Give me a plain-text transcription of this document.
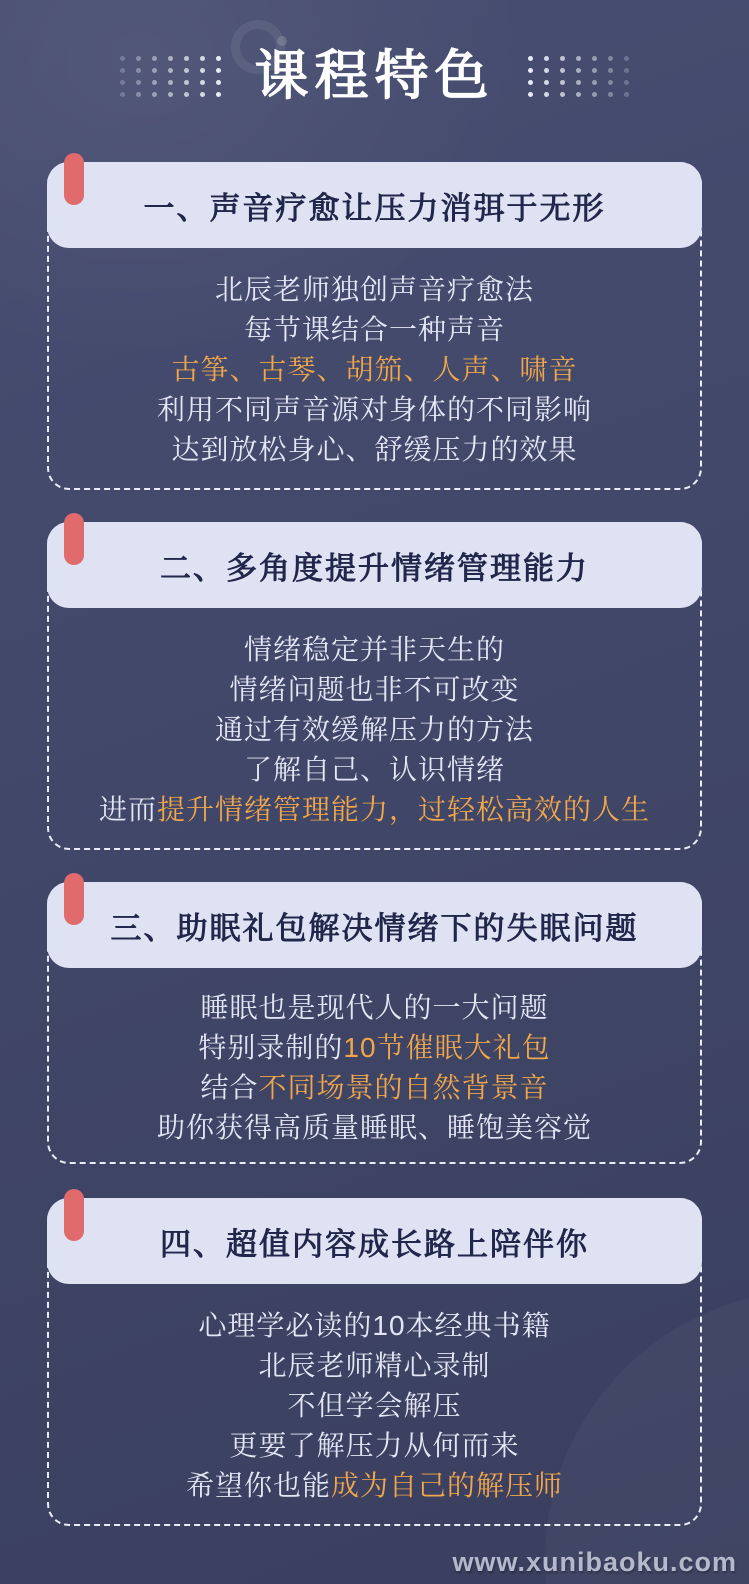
课程特色
一、声音疗愈让压力消弭于无形
北辰老师独创声音疗愈法
每节课结合一种声音
古筝、古琴、胡笳、人声、啸音
利用不同声音源对身体的不同影响
达到放松身心、舒缓压力的效果
二、多角度提升情绪管理能力
情绪稳定并非天生的
情绪问题也非不可改变
通过有效缓解压力的方法
了解自己、认识情绪
进而提升情绪管理能力，过轻松高效的人生
三、助眠礼包解决情绪下的失眠问题
睡眠也是现代人的一大问题
特别录制的10节催眠大礼包
结合不同场景的自然背景音
助你获得高质量睡眠、睡饱美容觉
四、超值内容成长路上陪伴你
心理学必读的10本经典书籍
北辰老师精心录制
不但学会解压
更要了解压力从何而来
希望你也能成为自己的解压师
www.xunibaoku.com
